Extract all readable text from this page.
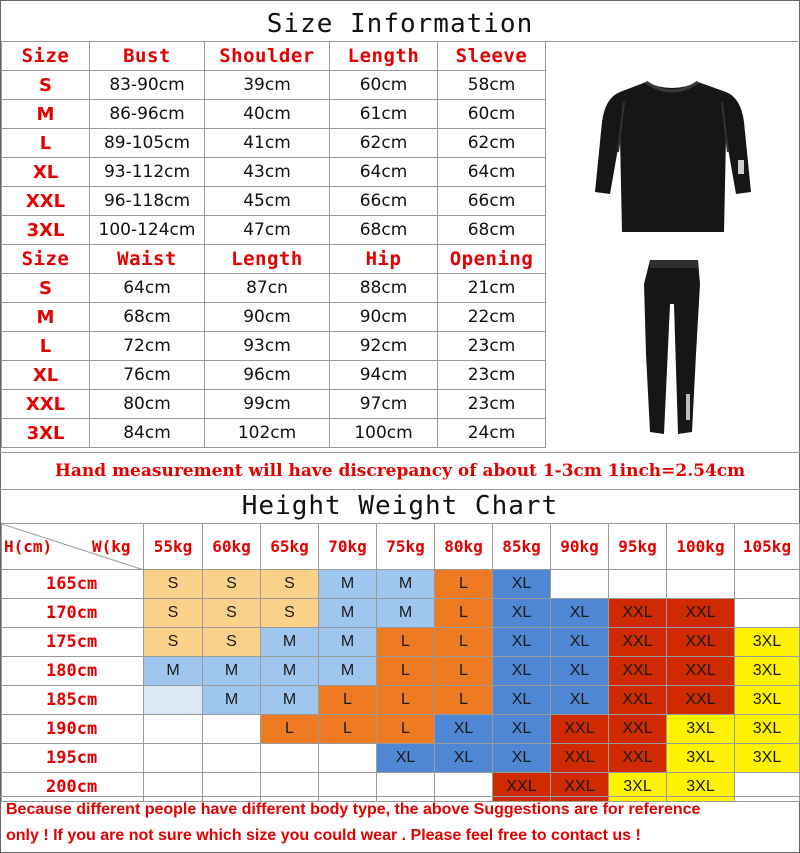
Size Information
Size	Bust	Shoulder	Length	Sleeve
S	83-90cm	39cm	60cm	58cm
M	86-96cm	40cm	61cm	60cm
L	89-105cm	41cm	62cm	62cm
XL	93-112cm	43cm	64cm	64cm
XXL	96-118cm	45cm	66cm	66cm
3XL	100-124cm	47cm	68cm	68cm
Size	Waist	Length	Hip	Opening
S	64cm	87cn	88cm	21cm
M	68cm	90cm	90cm	22cm
L	72cm	93cm	92cm	23cm
XL	76cm	96cm	94cm	23cm
XXL	80cm	99cm	97cm	23cm
3XL	84cm	102cm	100cm	24cm
Hand measurement will have discrepancy of about 1-3cm 1inch=2.54cm
Height Weight Chart
H(cm) W(kg	55kg	60kg	65kg	70kg	75kg	80kg	85kg	90kg	95kg	100kg	105kg
165cm	S	S	S	M	M	L	XL				
170cm	S	S	S	M	M	L	XL	XL	XXL	XXL	
175cm	S	S	M	M	L	L	XL	XL	XXL	XXL	3XL
180cm	M	M	M	M	L	L	XL	XL	XXL	XXL	3XL
185cm		M	M	L	L	L	XL	XL	XXL	XXL	3XL
190cm			L	L	L	XL	XL	XXL	XXL	3XL	3XL
195cm					XL	XL	XL	XXL	XXL	3XL	3XL
200cm							XXL	XXL	3XL	3XL	
Because different people have different body type, the above Suggestions are for reference
only ! If you are not sure which size you could wear . Please feel free to contact us !
